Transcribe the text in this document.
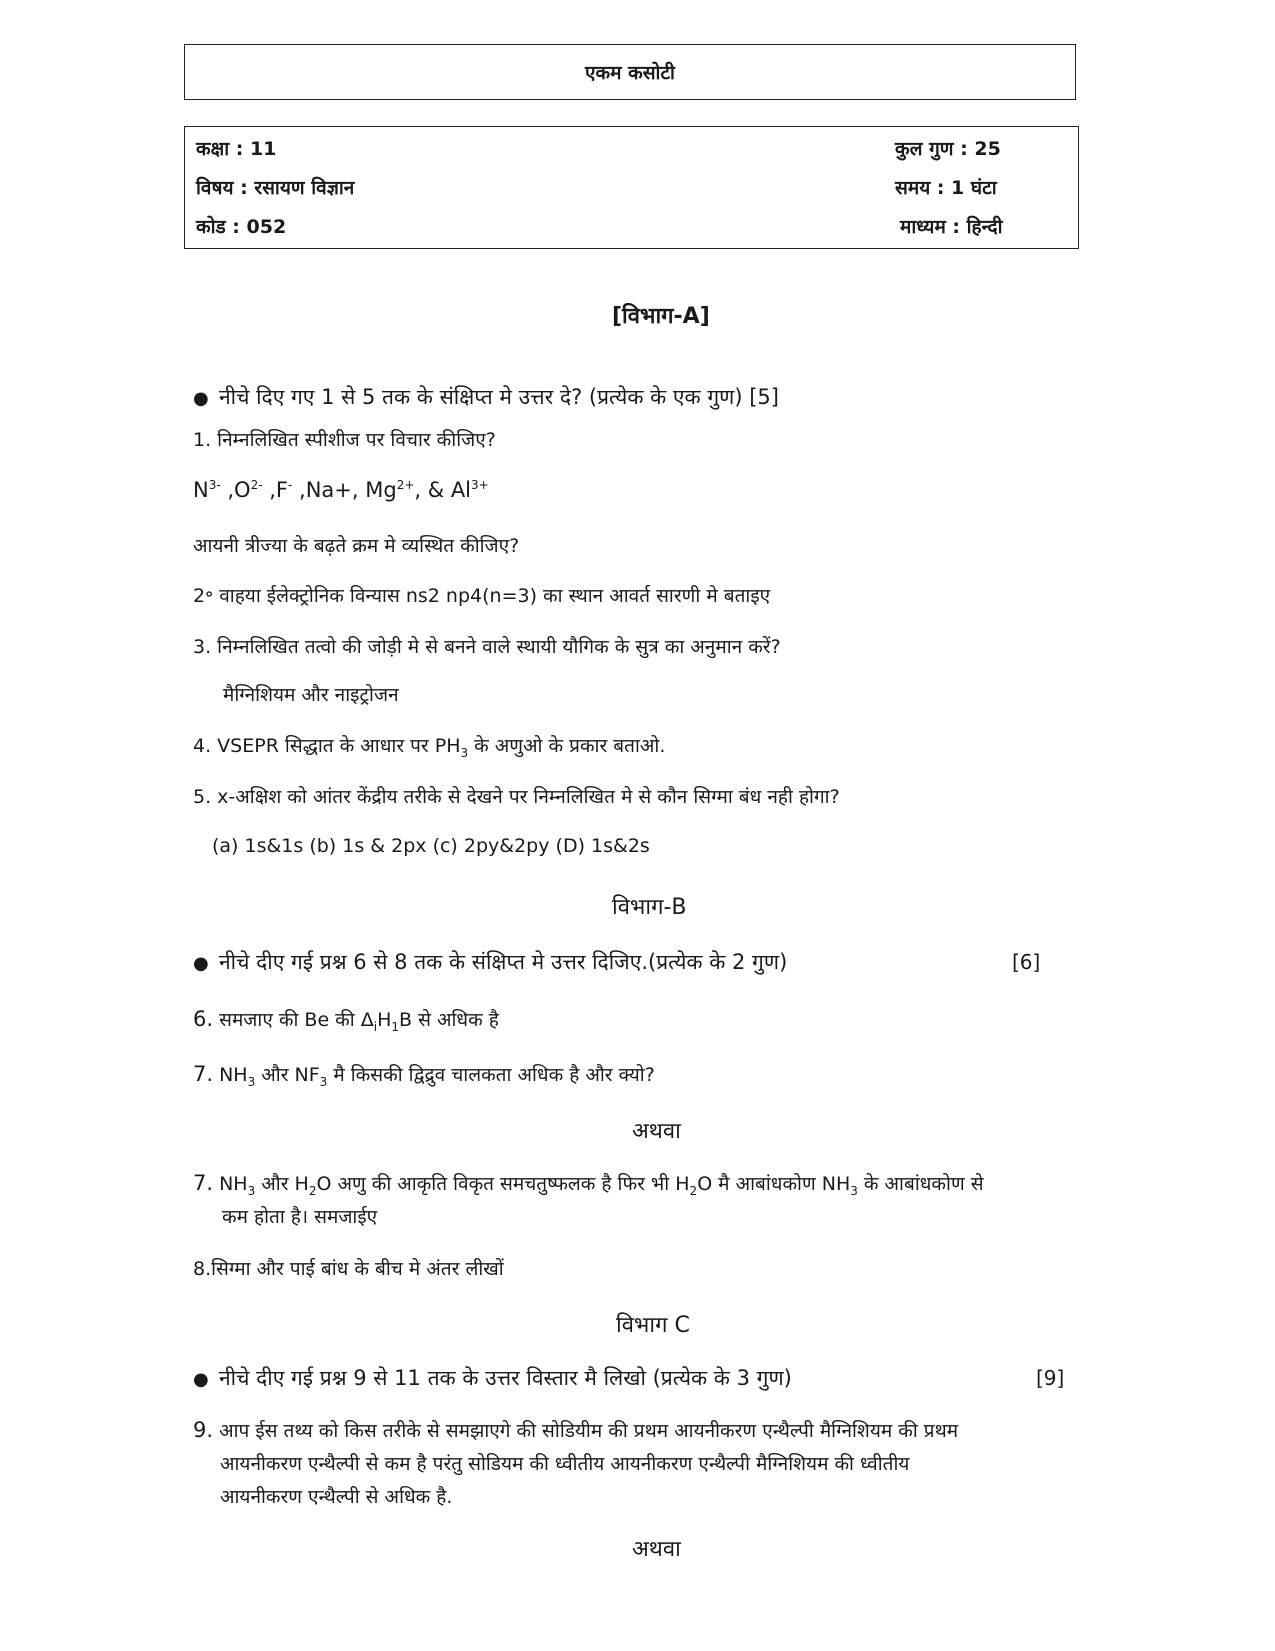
एकम कसोटी
कक्षा : 11
विषय : रसायण विज्ञान
कोड : 052
कुल गुण : 25
समय : 1 घंटा
माध्यम : हिन्दी
[विभाग-A]
● नीचे दिए गए 1 से 5 तक के संक्षिप्त मे उत्तर दे? (प्रत्येक के एक गुण) [5]
1. निम्नलिखित स्पीशीज पर विचार कीजिए?
$N^{3-}$ $,O^{2-}$ ,F- ,Na+, $Mg^{2+}$, & $Al^{3+}$
आयनी त्रीज्या के बढ़ते क्रम मे व्यस्थित कीजिए?
2॰ वाहया ईलेक्ट्रोनिक विन्यास ns2 np4(n=3) का स्थान आवर्त सारणी मे बताइए
3. निम्नलिखित तत्वो की जोड़ी मे से बनने वाले स्थायी यौगिक के सुत्र का अनुमान करें?
मैग्निशियम और नाइट्रोजन
4. VSEPR सिद्धात के आधार पर $PH_3$ के अणुओ के प्रकार बताओ.
5. x-अक्षिश को आंतर केंद्रीय तरीके से देखने पर निम्नलिखित मे से कौन सिग्मा बंध नही होगा?
(a) 1s&1s (b) 1s & 2px (c) 2py&2py (D) 1s&2s
विभाग-B
● नीचे दीए गई प्रश्न 6 से 8 तक के संक्षिप्त मे उत्तर दिजिए.(प्रत्येक के 2 गुण)	[6]
6. समजाए की Be की $\Delta_iH_1B$ से अधिक है
7. $NH_3$ और $NF_3$ मै किसकी द्विद्रुव चालकता अधिक है और क्यो?
अथवा
7. $NH_3$ और $H_2O$ अणु की आकृति विकृत समचतुष्फलक है फिर भी $H_2O$ मै आबांधकोण $NH_3$ के आबांधकोण से
कम होता है। समजाईए
8.सिग्मा और पाई बांध के बीच मे अंतर लीखों
विभाग C
● नीचे दीए गई प्रश्न 9 से 11 तक के उत्तर विस्तार मै लिखो (प्रत्येक के 3 गुण)	[9]
9. आप ईस तथ्य को किस तरीके से समझाएगे की सोडियीम की प्रथम आयनीकरण एन्थैल्पी मैग्निशियम की प्रथम
आयनीकरण एन्थैल्पी से कम है परंतु सोडियम की ध्वीतीय आयनीकरण एन्थैल्पी मैग्निशियम की ध्वीतीय
आयनीकरण एन्थैल्पी से अधिक है.
अथवा
